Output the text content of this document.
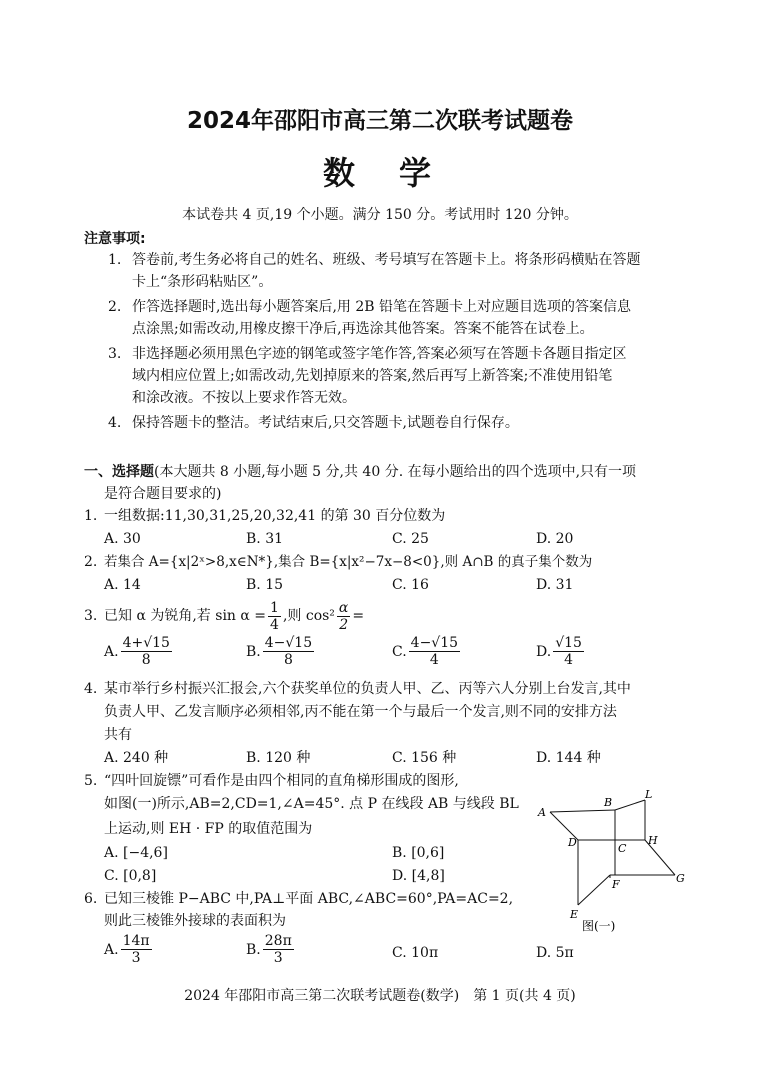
2024年邵阳市高三第二次联考试题卷
数　学
本试卷共 4 页,19 个小题。满分 150 分。考试用时 120 分钟。
注意事项:
1. 答卷前,考生务必将自己的姓名、班级、考号填写在答题卡上。将条形码横贴在答题
卡上“条形码粘贴区”。
2. 作答选择题时,选出每小题答案后,用 2B 铅笔在答题卡上对应题目选项的答案信息
点涂黑;如需改动,用橡皮擦干净后,再选涂其他答案。答案不能答在试卷上。
3. 非选择题必须用黑色字迹的钢笔或签字笔作答,答案必须写在答题卡各题目指定区
域内相应位置上;如需改动,先划掉原来的答案,然后再写上新答案;不准使用铅笔
和涂改液。不按以上要求作答无效。
4. 保持答题卡的整洁。考试结束后,只交答题卡,试题卷自行保存。
一、选择题(本大题共 8 小题,每小题 5 分,共 40 分. 在每小题给出的四个选项中,只有一项
是符合题目要求的)
1. 一组数据:11,30,31,25,20,32,41 的第 30 百分位数为
A. 30	B. 31	C. 25	D. 20
2. 若集合 A={x|2ˣ>8,x∈N*},集合 B={x|x²−7x−8<0},则 A∩B 的真子集个数为
A. 14	B. 15	C. 16	D. 31
3. 已知 α 为锐角,若 $\sin \alpha = \frac{1}{4}$ ,则 $\cos^2 \frac{\alpha}{2}$ =
A. $\frac{4+√15}{8}$	B. $\frac{4-√15}{8}$	C. $\frac{4-√15}{4}$	D. $\frac{√15}{4}$
4. 某市举行乡村振兴汇报会,六个获奖单位的负责人甲、乙、丙等六人分别上台发言,其中
负责人甲、乙发言顺序必须相邻,丙不能在第一个与最后一个发言,则不同的安排方法
共有
A. 240 种	B. 120 种	C. 156 种	D. 144 种
5. “四叶回旋镖”可看作是由四个相同的直角梯形围成的图形,
如图(一)所示,AB=2,CD=1,∠A=45°. 点 P 在线段 AB 与线段 BL
上运动,则 EH · FP 的取值范围为
A. [−4,6]	B. [0,6]
C. [0,8]	D. [4,8]
6. 已知三棱锥 P−ABC 中,PA⊥平面 ABC,∠ABC=60°,PA=AC=2,
则此三棱锥外接球的表面积为
A. $\frac{14\pi}{3}$	B. $\frac{28\pi}{3}$	C. 10π	D. 5π
A
B
L
D	C
H
F	G
E
图(一)
2024 年邵阳市高三第二次联考试题卷(数学)　第 1 页(共 4 页)
